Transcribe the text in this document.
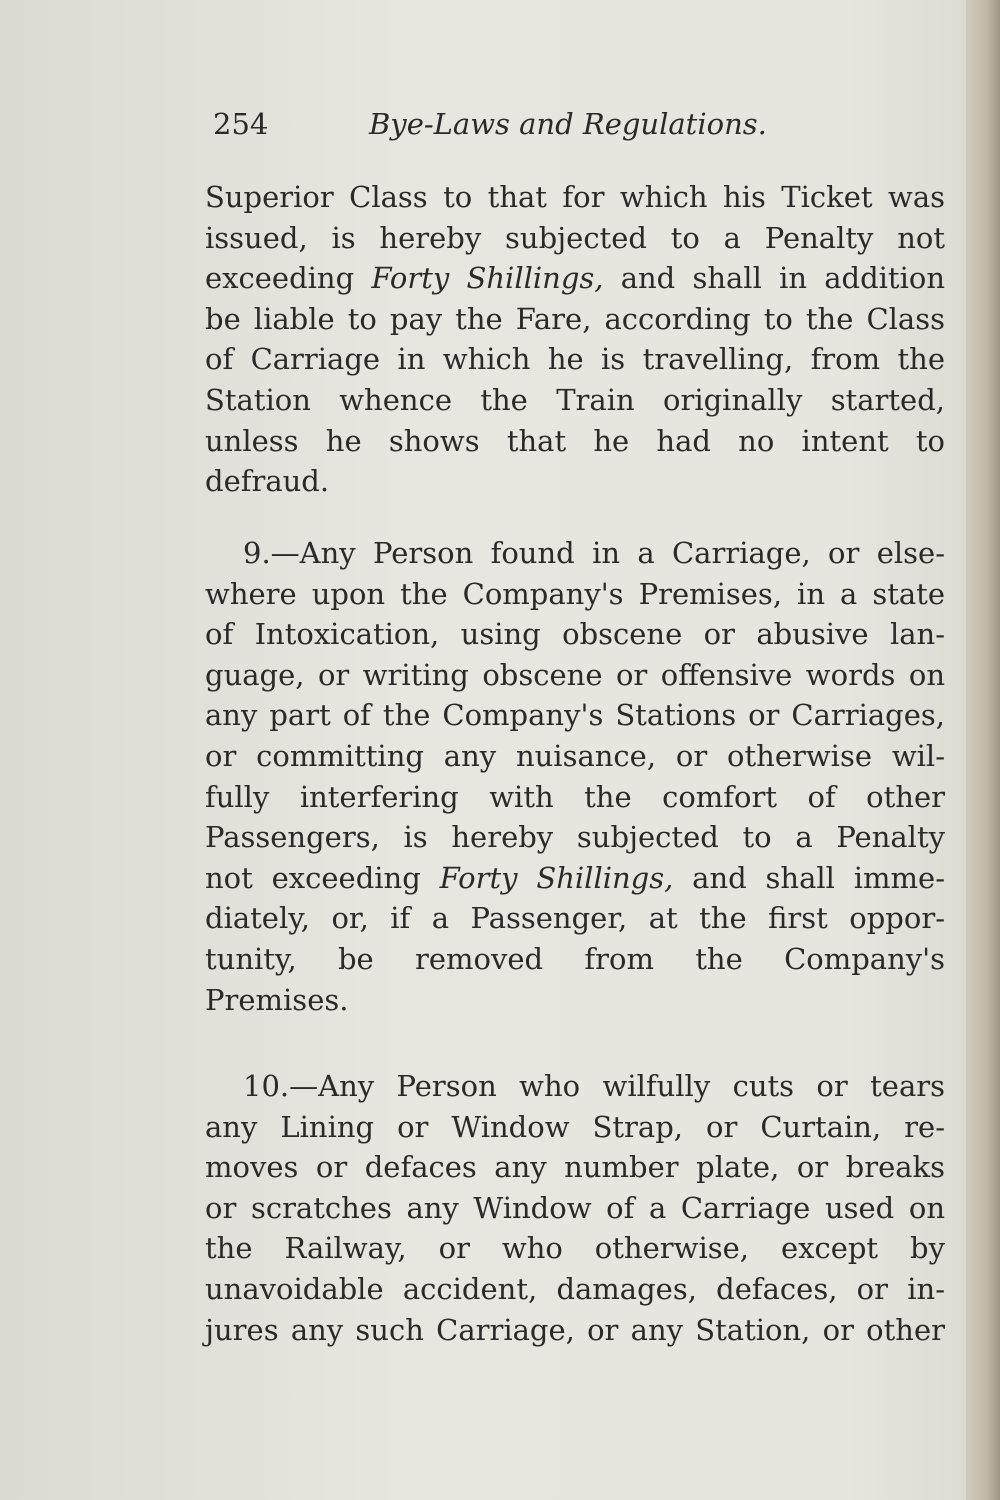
254	Bye-Laws and Regulations.
Superior Class to that for which his Ticket was
issued, is hereby subjected to a Penalty not
exceeding Forty Shillings, and shall in addition
be liable to pay the Fare, according to the Class
of Carriage in which he is travelling, from the
Station whence the Train originally started,
unless he shows that he had no intent to
defraud.
9.—Any Person found in a Carriage, or else-
where upon the Company's Premises, in a state
of Intoxication, using obscene or abusive lan-
guage, or writing obscene or offensive words on
any part of the Company's Stations or Carriages,
or committing any nuisance, or otherwise wil-
fully interfering with the comfort of other
Passengers, is hereby subjected to a Penalty
not exceeding Forty Shillings, and shall imme-
diately, or, if a Passenger, at the first oppor-
tunity, be removed from the Company's
Premises.
10.—Any Person who wilfully cuts or tears
any Lining or Window Strap, or Curtain, re-
moves or defaces any number plate, or breaks
or scratches any Window of a Carriage used on
the Railway, or who otherwise, except by
unavoidable accident, damages, defaces, or in-
jures any such Carriage, or any Station, or other
